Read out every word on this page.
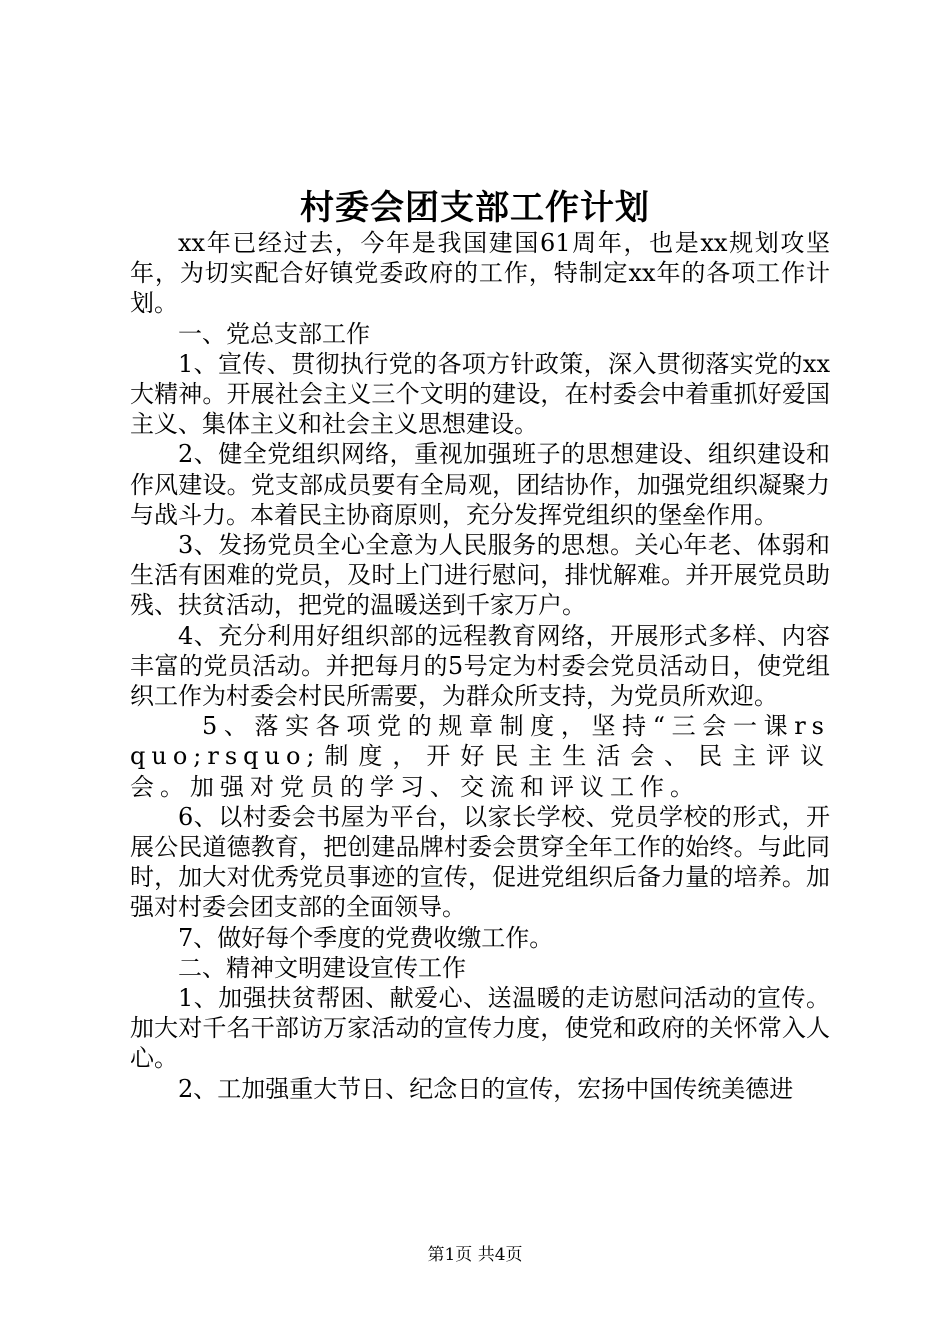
村委会团支部工作计划

xx年已经过去，今年是我国建国61周年，也是xx规划攻坚年，为切实配合好镇党委政府的工作，特制定xx年的各项工作计划。

一、党总支部工作

1、宣传、贯彻执行党的各项方针政策，深入贯彻落实党的xx大精神。开展社会主义三个文明的建设，在村委会中着重抓好爱国主义、集体主义和社会主义思想建设。

2、健全党组织网络，重视加强班子的思想建设、组织建设和作风建设。党支部成员要有全局观，团结协作，加强党组织凝聚力与战斗力。本着民主协商原则，充分发挥党组织的堡垒作用。

3、发扬党员全心全意为人民服务的思想。关心年老、体弱和生活有困难的党员，及时上门进行慰问，排忧解难。并开展党员助残、扶贫活动，把党的温暖送到千家万户。

4、充分利用好组织部的远程教育网络，开展形式多样、内容丰富的党员活动。并把每月的5号定为村委会党员活动日，使党组织工作为村委会村民所需要，为群众所支持，为党员所欢迎。

5、落实各项党的规章制度，坚持“三会一课rsquo;rsquo;制度，开好民主生活会、民主评议会。加强对党员的学习、交流和评议工作。

6、以村委会书屋为平台，以家长学校、党员学校的形式，开展公民道德教育，把创建品牌村委会贯穿全年工作的始终。与此同时，加大对优秀党员事迹的宣传，促进党组织后备力量的培养。加强对村委会团支部的全面领导。

7、做好每个季度的党费收缴工作。

二、精神文明建设宣传工作

1、加强扶贫帮困、献爱心、送温暖的走访慰问活动的宣传。加大对千名干部访万家活动的宣传力度，使党和政府的关怀常入人心。

2、工加强重大节日、纪念日的宣传，宏扬中国传统美德进

第1页 共4页
